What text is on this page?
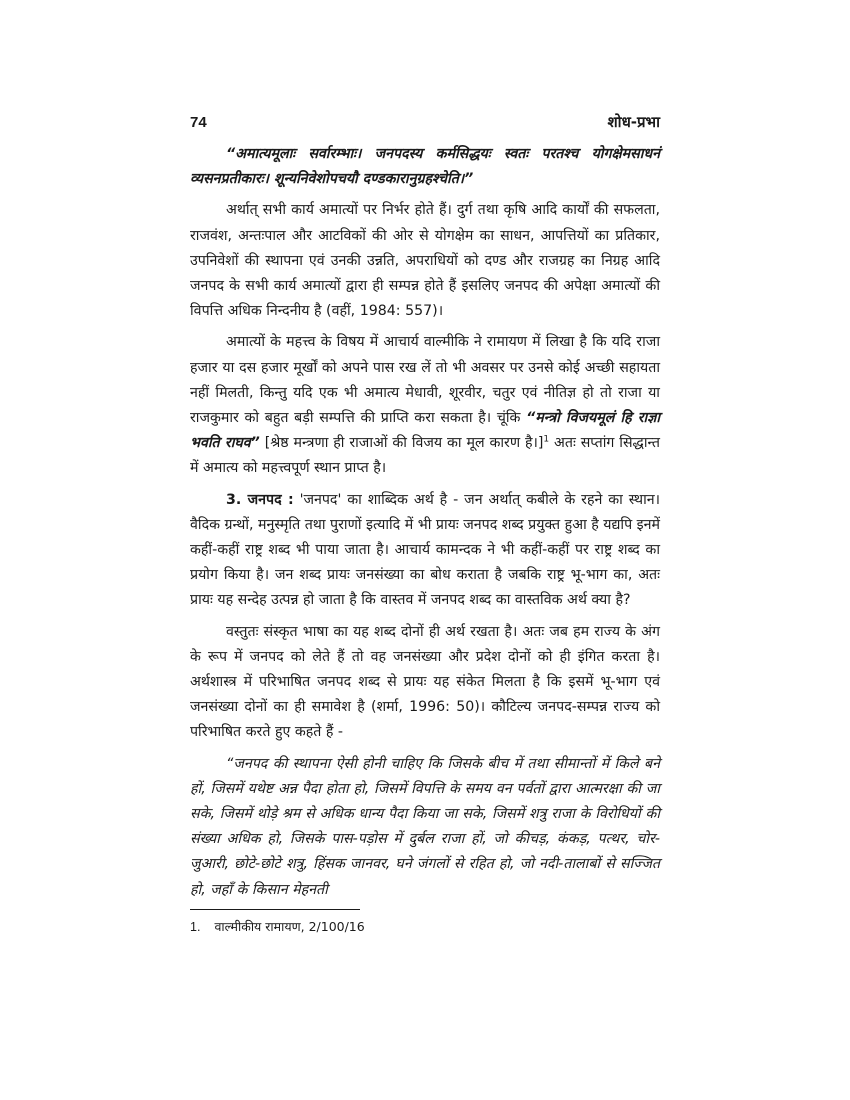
74	शोध-प्रभा

“अमात्यमूलाः सर्वारम्भाः। जनपदस्य कर्मसिद्धयः स्वतः परतश्च योगक्षेमसाधनं व्यसनप्रतीकारः। शून्यनिवेशोपचयौ दण्डकारानुग्रहश्चेति।”

अर्थात् सभी कार्य अमात्यों पर निर्भर होते हैं। दुर्ग तथा कृषि आदि कार्यों की सफलता, राजवंश, अन्तःपाल और आटविकों की ओर से योगक्षेम का साधन, आपत्तियों का प्रतिकार, उपनिवेशों की स्थापना एवं उनकी उन्नति, अपराधियों को दण्ड और राजग्रह का निग्रह आदि जनपद के सभी कार्य अमात्यों द्वारा ही सम्पन्न होते हैं इसलिए जनपद की अपेक्षा अमात्यों की विपत्ति अधिक निन्दनीय है (वहीं, 1984: 557)।

अमात्यों के महत्त्व के विषय में आचार्य वाल्मीकि ने रामायण में लिखा है कि यदि राजा हजार या दस हजार मूर्खों को अपने पास रख लें तो भी अवसर पर उनसे कोई अच्छी सहायता नहीं मिलती, किन्तु यदि एक भी अमात्य मेधावी, शूरवीर, चतुर एवं नीतिज्ञ हो तो राजा या राजकुमार को बहुत बड़ी सम्पत्ति की प्राप्ति करा सकता है। चूंकि “मन्त्रो विजयमूलं हि राज्ञा भवति राघव” [श्रेष्ठ मन्त्रणा ही राजाओं की विजय का मूल कारण है।]$^1$ अतः सप्तांग सिद्धान्त में अमात्य को महत्त्वपूर्ण स्थान प्राप्त है।

3. जनपद : 'जनपद' का शाब्दिक अर्थ है - जन अर्थात् कबीले के रहने का स्थान। वैदिक ग्रन्थों, मनुस्मृति तथा पुराणों इत्यादि में भी प्रायः जनपद शब्द प्रयुक्त हुआ है यद्यपि इनमें कहीं-कहीं राष्ट्र शब्द भी पाया जाता है। आचार्य कामन्दक ने भी कहीं-कहीं पर राष्ट्र शब्द का प्रयोग किया है। जन शब्द प्रायः जनसंख्या का बोध कराता है जबकि राष्ट्र भू-भाग का, अतः प्रायः यह सन्देह उत्पन्न हो जाता है कि वास्तव में जनपद शब्द का वास्तविक अर्थ क्या है?

वस्तुतः संस्कृत भाषा का यह शब्द दोनों ही अर्थ रखता है। अतः जब हम राज्य के अंग के रूप में जनपद को लेते हैं तो वह जनसंख्या और प्रदेश दोनों को ही इंगित करता है। अर्थशास्त्र में परिभाषित जनपद शब्द से प्रायः यह संकेत मिलता है कि इसमें भू-भाग एवं जनसंख्या दोनों का ही समावेश है (शर्मा, 1996: 50)। कौटिल्य जनपद-सम्पन्न राज्य को परिभाषित करते हुए कहते हैं -

“जनपद की स्थापना ऐसी होनी चाहिए कि जिसके बीच में तथा सीमान्तों में किले बने हों, जिसमें यथेष्ट अन्न पैदा होता हो, जिसमें विपत्ति के समय वन पर्वतों द्वारा आत्मरक्षा की जा सके, जिसमें थोड़े श्रम से अधिक धान्य पैदा किया जा सके, जिसमें शत्रु राजा के विरोधियों की संख्या अधिक हो, जिसके पास-पड़ोस में दुर्बल राजा हों, जो कीचड़, कंकड़, पत्थर, चोर-जुआरी, छोटे-छोटे शत्रु, हिंसक जानवर, घने जंगलों से रहित हो, जो नदी-तालाबों से सज्जित हो, जहाँ के किसान मेहनती

1. वाल्मीकीय रामायण, 2/100/16
